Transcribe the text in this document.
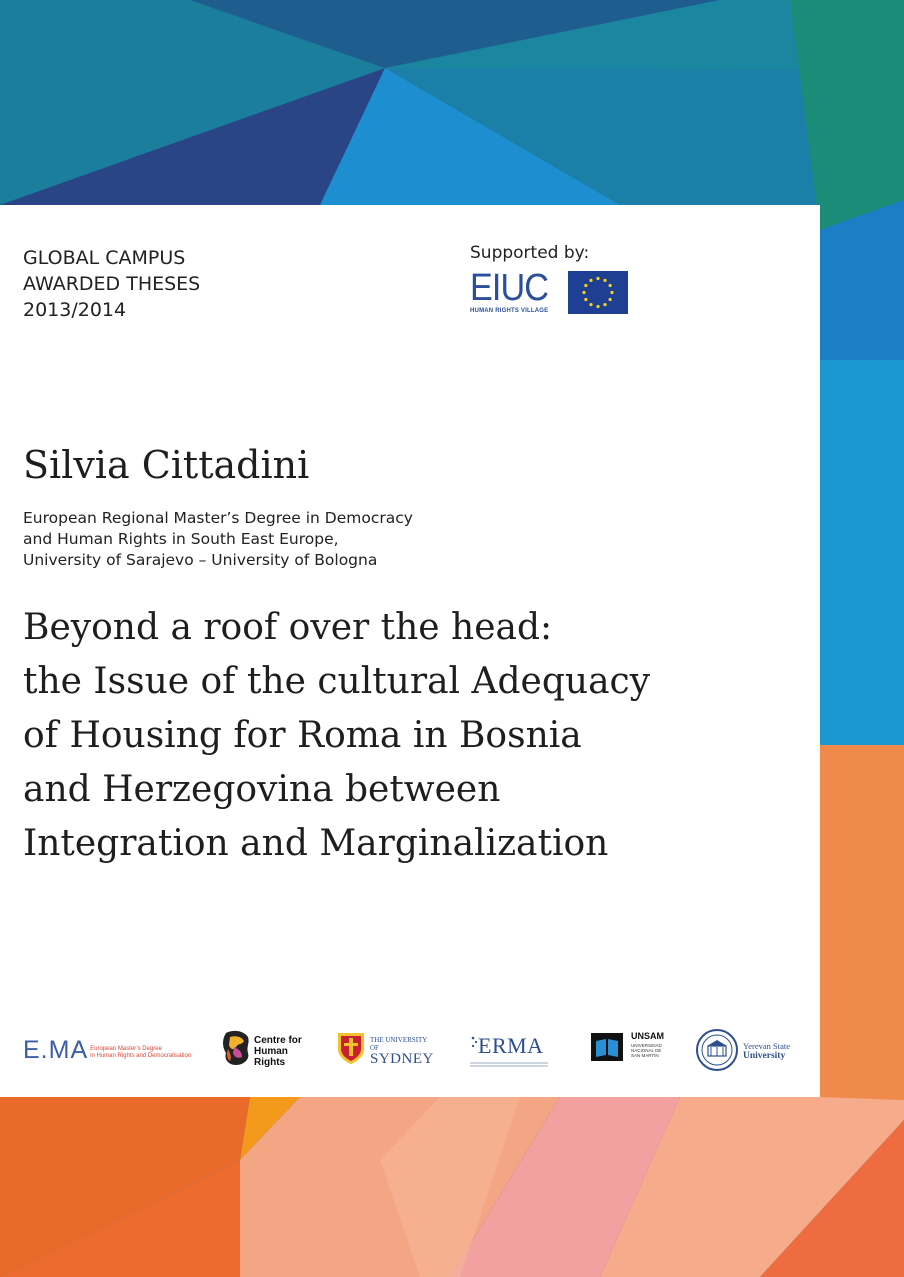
GLOBAL CAMPUS
AWARDED THESES
2013/2014
Supported by:
EIUC
HUMAN RIGHTS VILLAGE
Silvia Cittadini
European Regional Master’s Degree in Democracy
and Human Rights in South East Europe,
University of Sarajevo – University of Bologna
Beyond a roof over the head:
the Issue of the cultural Adequacy
of Housing for Roma in Bosnia
and Herzegovina between
Integration and Marginalization
E.MA European Master’s Degree
in Human Rights and Democratisation
Centre for
Human Rights
THE UNIVERSITY OF
SYDNEY
ERMA	UNSAM
UNIVERSIDAD
NACIONAL DE
SAN MARTÍN
Yerevan State
University
